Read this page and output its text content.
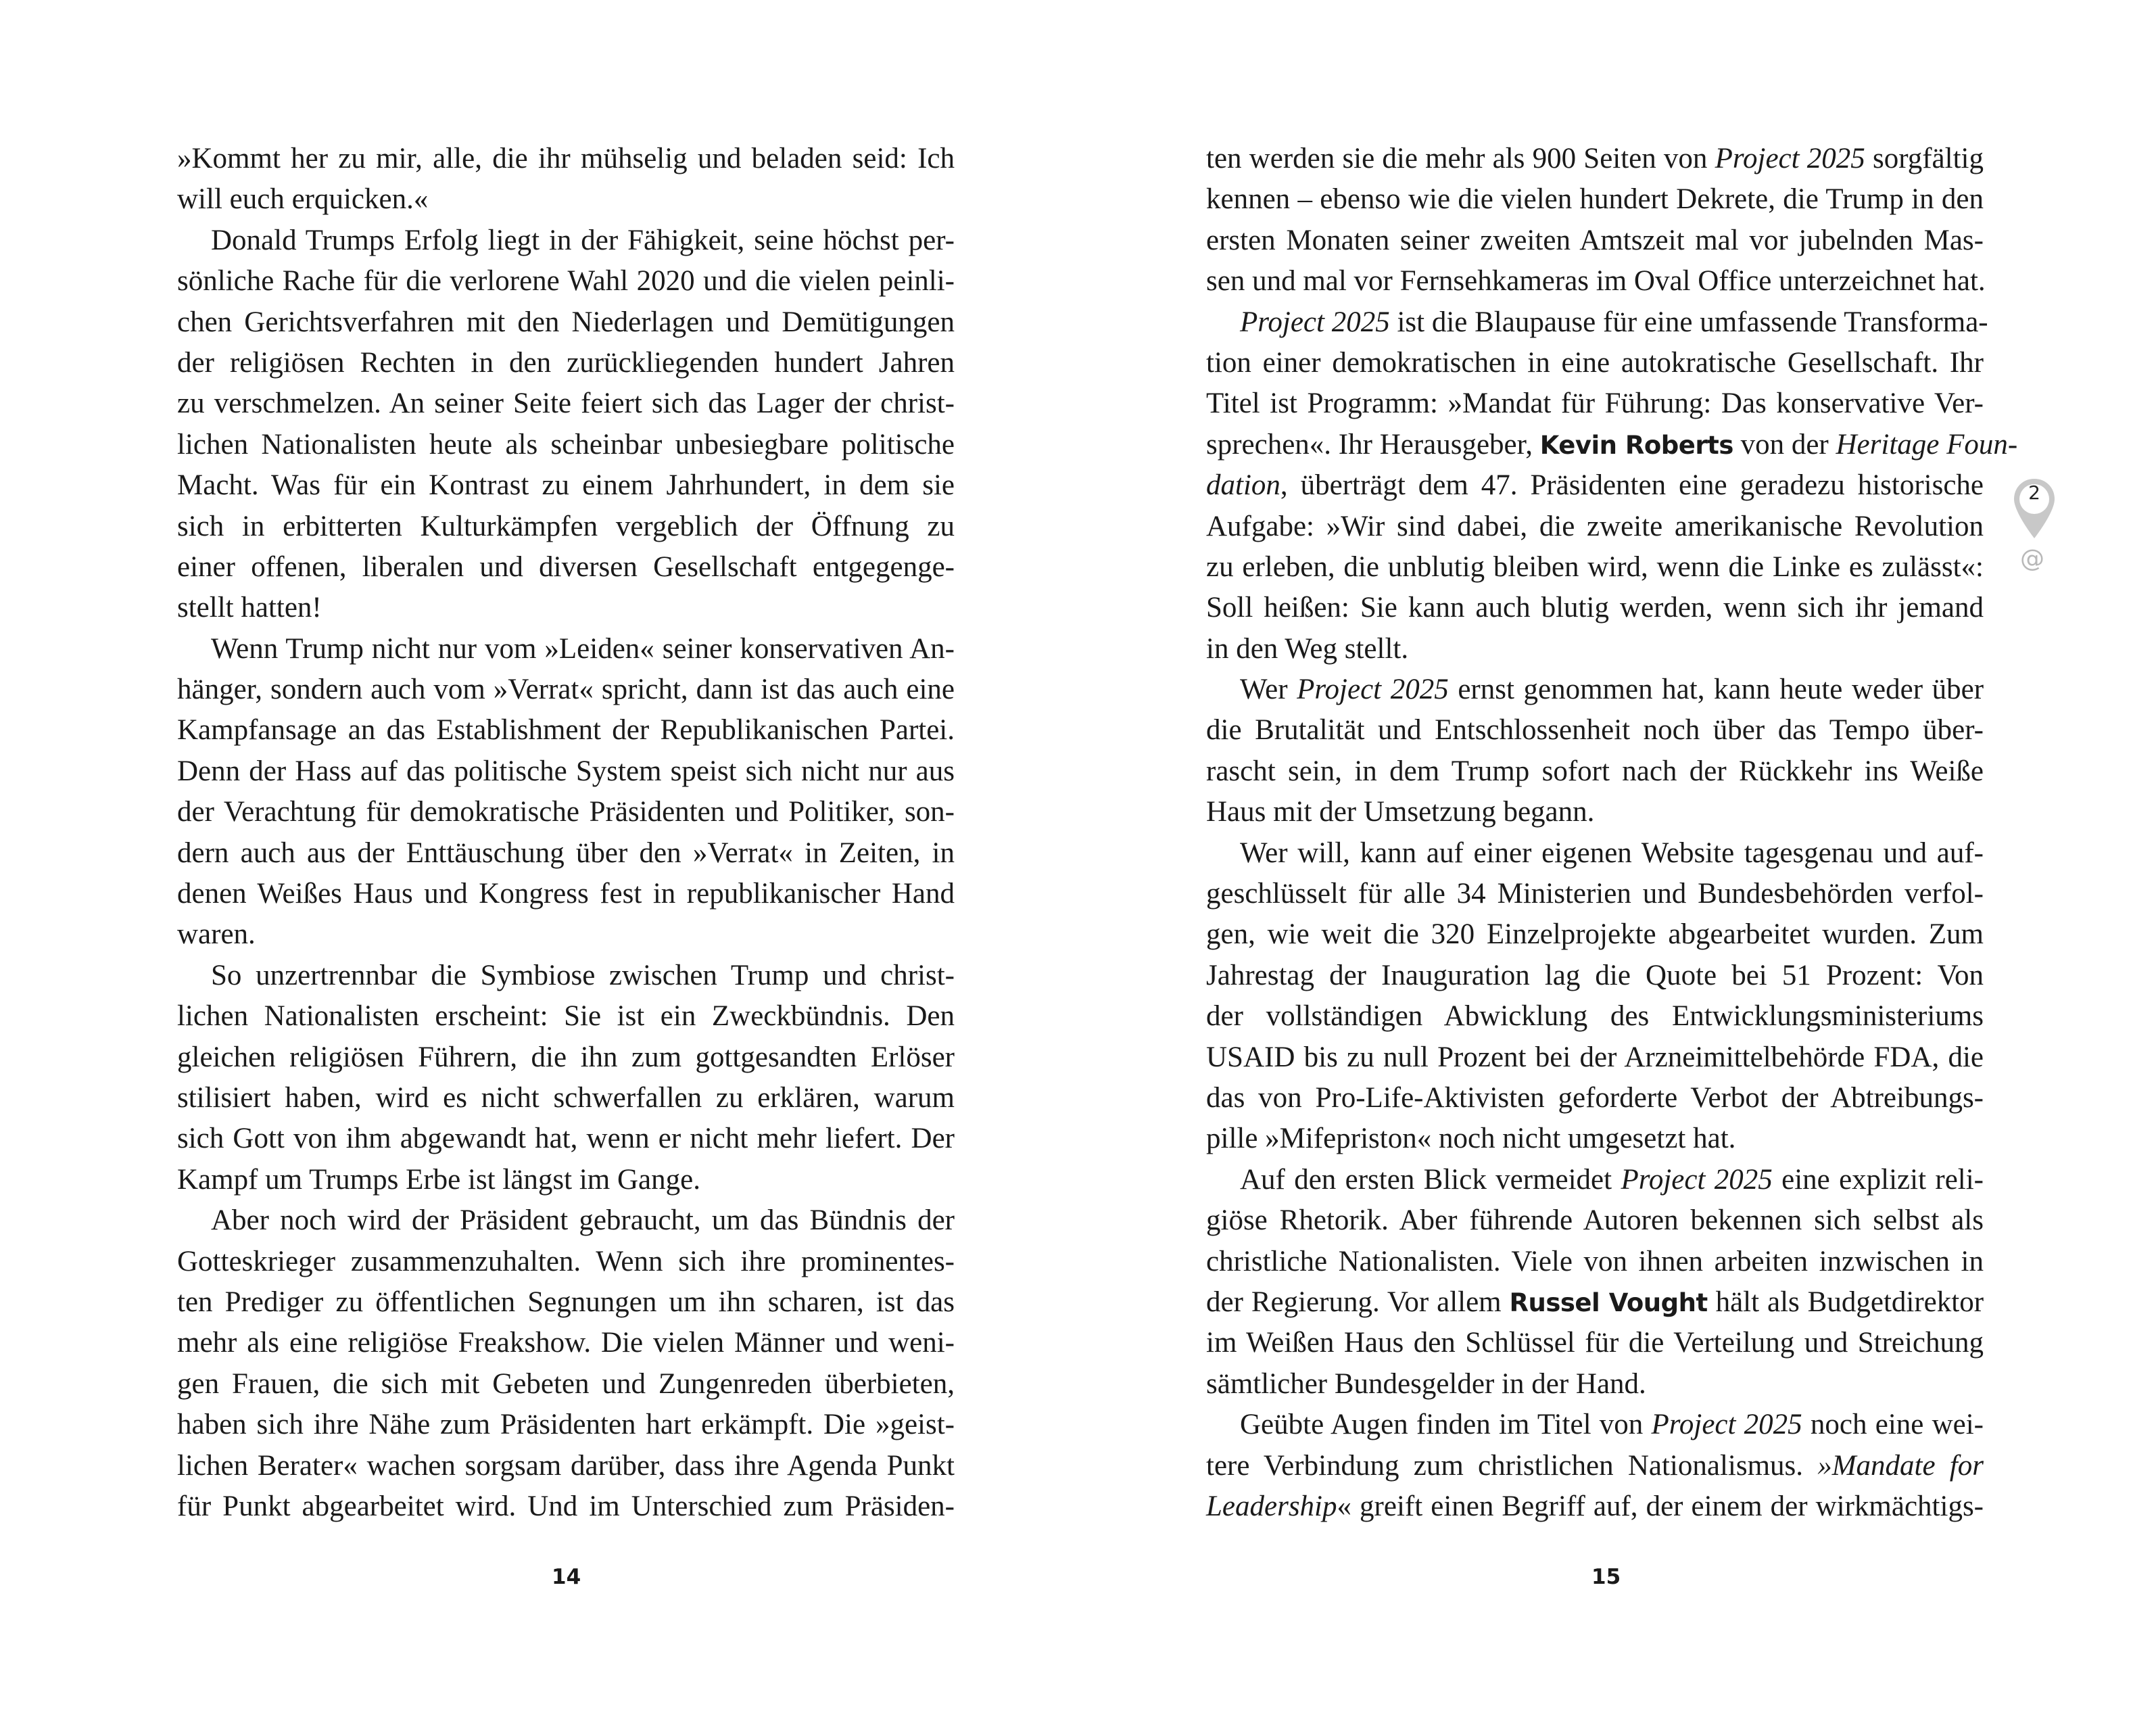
»Kommt her zu mir, alle, die ihr mühselig und beladen seid: Ich
will euch erquicken.«
Donald Trumps Erfolg liegt in der Fähigkeit, seine höchst per-
sönliche Rache für die verlorene Wahl 2020 und die vielen peinli-
chen Gerichtsverfahren mit den Niederlagen und Demütigungen
der religiösen Rechten in den zurückliegenden hundert Jahren
zu verschmelzen. An seiner Seite feiert sich das Lager der christ-
lichen Nationalisten heute als scheinbar unbesiegbare politische
Macht. Was für ein Kontrast zu einem Jahrhundert, in dem sie
sich in erbitterten Kulturkämpfen vergeblich der Öffnung zu
einer offenen, liberalen und diversen Gesellschaft entgegenge-
stellt hatten!
Wenn Trump nicht nur vom »Leiden« seiner konservativen An-
hänger, sondern auch vom »Verrat« spricht, dann ist das auch eine
Kampfansage an das Establishment der Republikanischen Partei.
Denn der Hass auf das politische System speist sich nicht nur aus
der Verachtung für demokratische Präsidenten und Politiker, son-
dern auch aus der Enttäuschung über den »Verrat« in Zeiten, in
denen Weißes Haus und Kongress fest in republikanischer Hand
waren.
So unzertrennbar die Symbiose zwischen Trump und christ-
lichen Nationalisten erscheint: Sie ist ein Zweckbündnis. Den
gleichen religiösen Führern, die ihn zum gottgesandten Erlöser
stilisiert haben, wird es nicht schwerfallen zu erklären, warum
sich Gott von ihm abgewandt hat, wenn er nicht mehr liefert. Der
Kampf um Trumps Erbe ist längst im Gange.
Aber noch wird der Präsident gebraucht, um das Bündnis der
Gotteskrieger zusammenzuhalten. Wenn sich ihre prominentes-
ten Prediger zu öffentlichen Segnungen um ihn scharen, ist das
mehr als eine religiöse Freakshow. Die vielen Männer und weni-
gen Frauen, die sich mit Gebeten und Zungenreden überbieten,
haben sich ihre Nähe zum Präsidenten hart erkämpft. Die »geist-
lichen Berater« wachen sorgsam darüber, dass ihre Agenda Punkt
für Punkt abgearbeitet wird. Und im Unterschied zum Präsiden-
14
ten werden sie die mehr als 900 Seiten von Project 2025 sorgfältig
kennen – ebenso wie die vielen hundert Dekrete, die Trump in den
ersten Monaten seiner zweiten Amtszeit mal vor jubelnden Mas-
sen und mal vor Fernsehkameras im Oval Office unterzeichnet hat.
Project 2025 ist die Blaupause für eine umfassende Transforma-
tion einer demokratischen in eine autokratische Gesellschaft. Ihr
Titel ist Programm: »Mandat für Führung: Das konservative Ver-
sprechen«. Ihr Herausgeber, Kevin Roberts von der Heritage Foun-
dation, überträgt dem 47. Präsidenten eine geradezu historische
Aufgabe: »Wir sind dabei, die zweite amerikanische Revolution
zu erleben, die unblutig bleiben wird, wenn die Linke es zulässt«:
Soll heißen: Sie kann auch blutig werden, wenn sich ihr jemand
in den Weg stellt.
Wer Project 2025 ernst genommen hat, kann heute weder über
die Brutalität und Entschlossenheit noch über das Tempo über-
rascht sein, in dem Trump sofort nach der Rückkehr ins Weiße
Haus mit der Umsetzung begann.
Wer will, kann auf einer eigenen Website tagesgenau und auf-
geschlüsselt für alle 34 Ministerien und Bundesbehörden verfol-
gen, wie weit die 320 Einzelprojekte abgearbeitet wurden. Zum
Jahrestag der Inauguration lag die Quote bei 51 Prozent: Von
der vollständigen Abwicklung des Entwicklungsministeriums
USAID bis zu null Prozent bei der Arzneimittelbehörde FDA, die
das von Pro-Life-Aktivisten geforderte Verbot der Abtreibungs-
pille »Mifepriston« noch nicht umgesetzt hat.
Auf den ersten Blick vermeidet Project 2025 eine explizit reli-
giöse Rhetorik. Aber führende Autoren bekennen sich selbst als
christliche Nationalisten. Viele von ihnen arbeiten inzwischen in
der Regierung. Vor allem Russel Vought hält als Budgetdirektor
im Weißen Haus den Schlüssel für die Verteilung und Streichung
sämtlicher Bundesgelder in der Hand.
Geübte Augen finden im Titel von Project 2025 noch eine wei-
tere Verbindung zum christlichen Nationalismus. »Mandate for
Leadership« greift einen Begriff auf, der einem der wirkmächtigs-
15
2
@
